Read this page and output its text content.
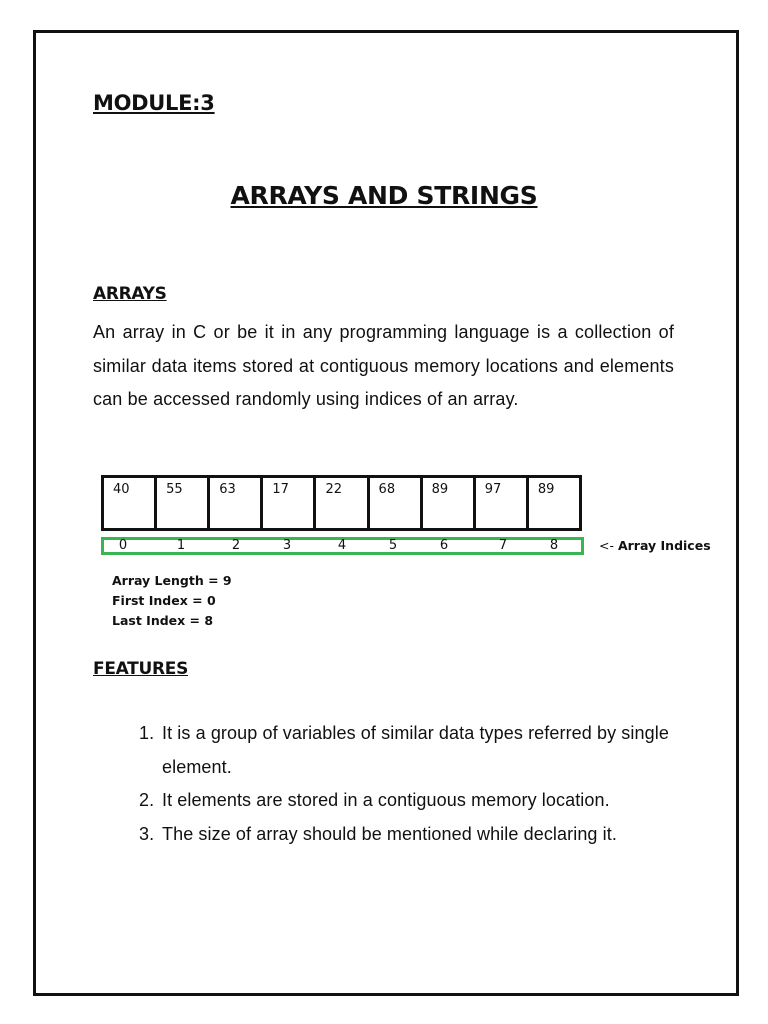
MODULE:3
ARRAYS AND STRINGS
ARRAYS
An array in C or be it in any programming language is a collection of similar data items stored at contiguous memory locations and elements can be accessed randomly using indices of an array.
40	55	63	17	22	68	89	97	89
0	1	2	3	4	5	6	7	8	<- Array Indices
Array Length = 9
First Index = 0
Last Index = 8
FEATURES
1. It is a group of variables of similar data types referred by single element.
2. It elements are stored in a contiguous memory location.
3. The size of array should be mentioned while declaring it.
